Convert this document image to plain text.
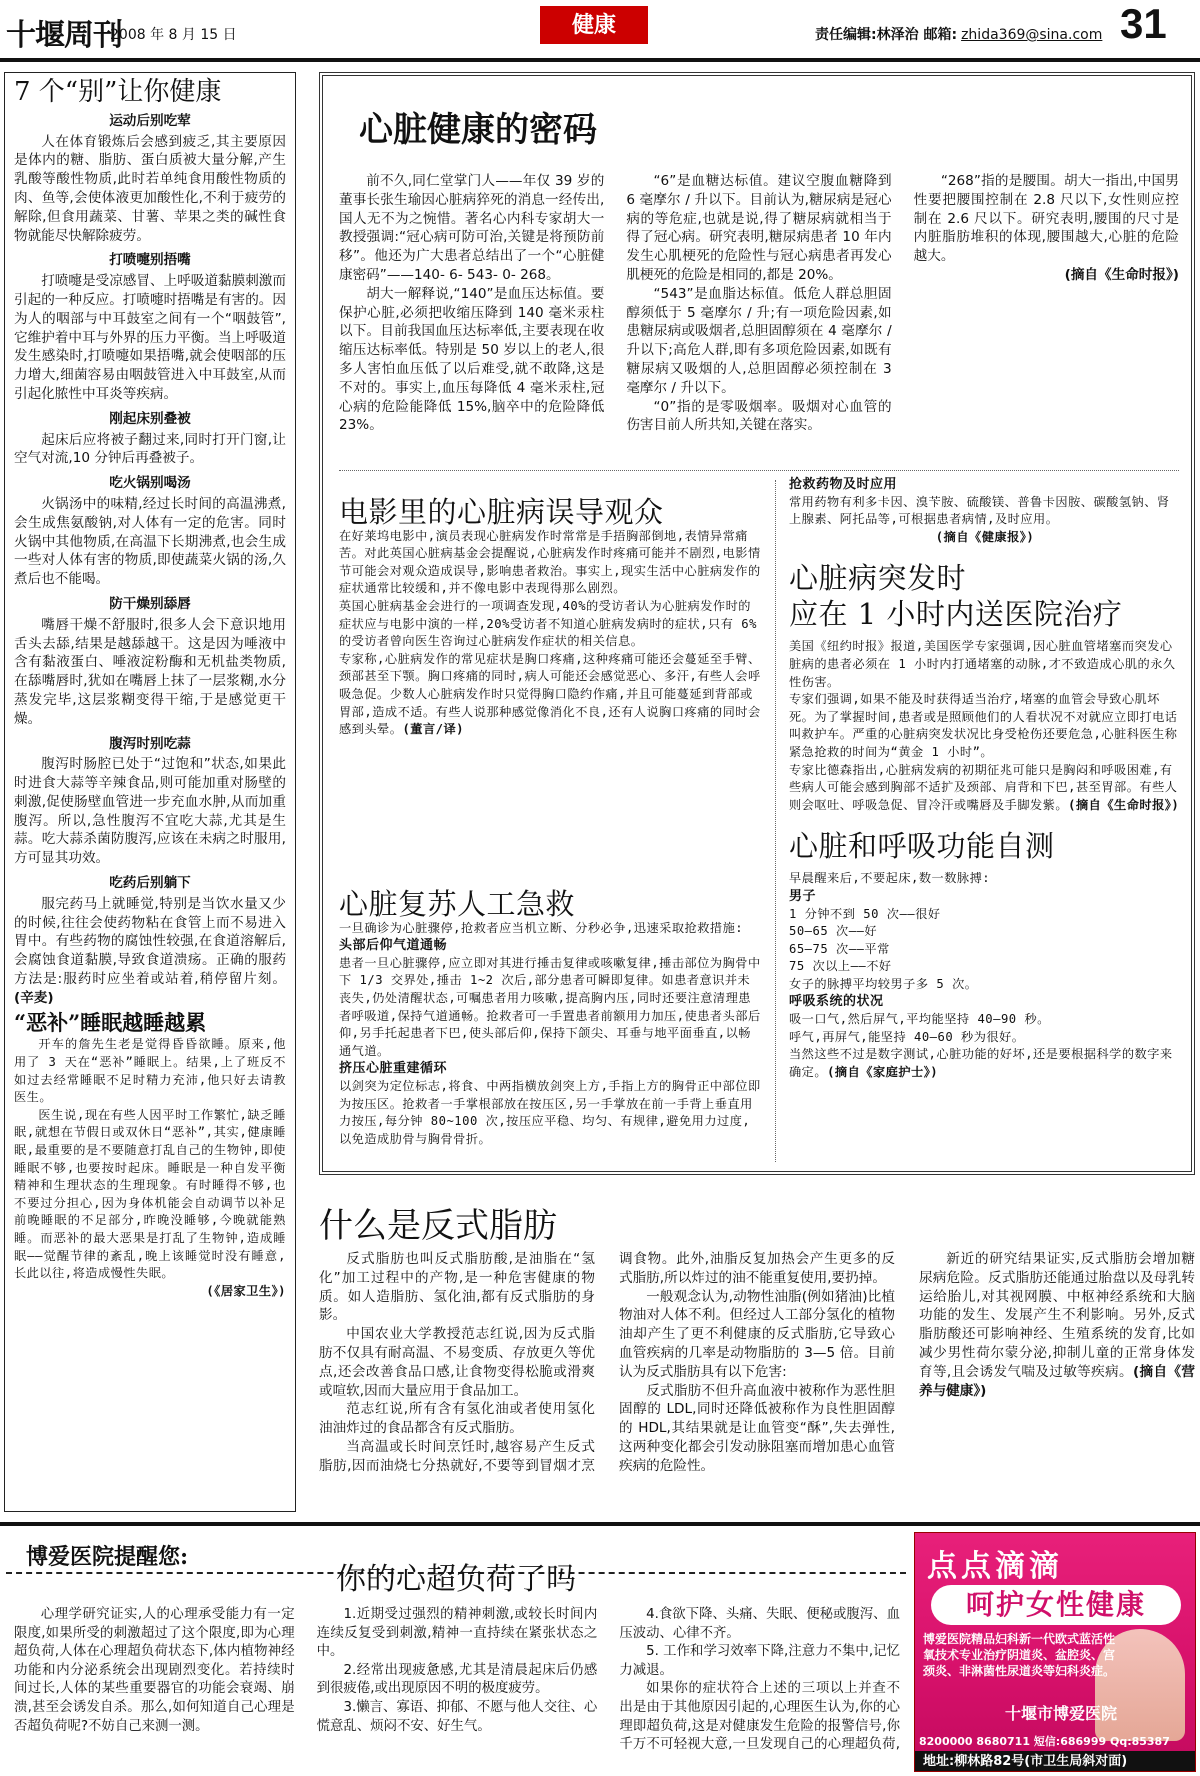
十堰周刊
2008 年 8 月 15 日	健康	责任编辑:林泽治 邮箱: zhida369@sina.com 31
7 个“别”让你健康
运动后别吃荤

人在体育锻炼后会感到疲乏,其主要原因是体内的糖、脂肪、蛋白质被大量分解,产生乳酸等酸性物质,此时若单纯食用酸性物质的肉、鱼等,会使体液更加酸性化,不利于疲劳的解除,但食用蔬菜、甘薯、苹果之类的碱性食物就能尽快解除疲劳。

打喷嚏别捂嘴

打喷嚏是受凉感冒、上呼吸道黏膜刺激而引起的一种反应。打喷嚏时捂嘴是有害的。因为人的咽部与中耳鼓室之间有一个“咽鼓管”,它维护着中耳与外界的压力平衡。当上呼吸道发生感染时,打喷嚏如果捂嘴,就会使咽部的压力增大,细菌容易由咽鼓管进入中耳鼓室,从而引起化脓性中耳炎等疾病。

刚起床别叠被

起床后应将被子翻过来,同时打开门窗,让空气对流,10 分钟后再叠被子。

吃火锅别喝汤

火锅汤中的味精,经过长时间的高温沸煮,会生成焦氨酸钠,对人体有一定的危害。同时火锅中其他物质,在高温下长期沸煮,也会生成一些对人体有害的物质,即使蔬菜火锅的汤,久煮后也不能喝。

防干燥别舔唇

嘴唇干燥不舒服时,很多人会下意识地用舌头去舔,结果是越舔越干。这是因为唾液中含有黏液蛋白、唾液淀粉酶和无机盐类物质,在舔嘴唇时,犹如在嘴唇上抹了一层浆糊,水分蒸发完毕,这层浆糊变得干缩,于是感觉更干燥。

腹泻时别吃蒜

腹泻时肠腔已处于“过饱和”状态,如果此时进食大蒜等辛辣食品,则可能加重对肠壁的刺激,促使肠壁血管进一步充血水肿,从而加重腹泻。所以,急性腹泻不宜吃大蒜,尤其是生蒜。吃大蒜杀菌防腹泻,应该在未病之时服用,方可显其功效。

吃药后别躺下

服完药马上就睡觉,特别是当饮水量又少的时候,往往会使药物粘在食管上而不易进入胃中。有些药物的腐蚀性较强,在食道溶解后,会腐蚀食道黏膜,导致食道溃疡。正确的服药方法是:服药时应坐着或站着,稍停留片刻。(辛麦)

“恶补”睡眠越睡越累

开车的詹先生老是觉得昏昏欲睡。原来,他用了 3 天在“恶补”睡眠上。结果,上了班反不如过去经常睡眠不足时精力充沛,他只好去请教医生。

医生说,现在有些人因平时工作繁忙,缺乏睡眠,就想在节假日或双休日“恶补”,其实,健康睡眠,最重要的是不要随意打乱自己的生物钟,即使睡眠不够,也要按时起床。睡眠是一种自发平衡精神和生理状态的生理现象。有时睡得不够,也不要过分担心,因为身体机能会自动调节以补足前晚睡眠的不足部分,昨晚没睡够,今晚就能熟睡。而恶补的最大恶果是打乱了生物钟,造成睡眠——觉醒节律的紊乱,晚上该睡觉时没有睡意,长此以往,将造成慢性失眠。

(《居家卫生》)
心脏健康的密码

前不久,同仁堂掌门人——年仅 39 岁的董事长张生瑜因心脏病猝死的消息一经传出,国人无不为之惋惜。著名心内科专家胡大一教授强调:“冠心病可防可治,关键是将预防前移”。他还为广大患者总结出了一个“心脏健康密码”——140- 6- 543- 0- 268。

胡大一解释说,“140”是血压达标值。要保护心脏,必须把收缩压降到 140 毫米汞柱以下。目前我国血压达标率低,主要表现在收缩压达标率低。特别是 50 岁以上的老人,很多人害怕血压低了以后难受,就不敢降,这是不对的。事实上,血压每降低 4 毫米汞柱,冠心病的危险能降低 15%,脑卒中的危险降低 23%。

“6”是血糖达标值。建议空腹血糖降到 6 毫摩尔 / 升以下。目前认为,糖尿病是冠心病的等危症,也就是说,得了糖尿病就相当于得了冠心病。研究表明,糖尿病患者 10 年内发生心肌梗死的危险性与冠心病患者再发心肌梗死的危险是相同的,都是 20%。

“543”是血脂达标值。低危人群总胆固醇须低于 5 毫摩尔 / 升;有一项危险因素,如患糖尿病或吸烟者,总胆固醇须在 4 毫摩尔 / 升以下;高危人群,即有多项危险因素,如既有糖尿病又吸烟的人,总胆固醇必须控制在 3 毫摩尔 / 升以下。

“0”指的是零吸烟率。吸烟对心血管的伤害目前人所共知,关键在落实。

“268”指的是腰围。胡大一指出,中国男性要把腰围控制在 2.8 尺以下,女性则应控制在 2.6 尺以下。研究表明,腰围的尺寸是内脏脂肪堆积的体现,腰围越大,心脏的危险越大。

(摘自《生命时报》)
电影里的心脏病误导观众

在好莱坞电影中,演员表现心脏病发作时常常是手捂胸部倒地,表情异常痛苦。对此英国心脏病基金会提醒说,心脏病发作时疼痛可能并不剧烈,电影情节可能会对观众造成误导,影响患者救治。事实上,现实生活中心脏病发作的症状通常比较缓和,并不像电影中表现得那么剧烈。

英国心脏病基金会进行的一项调查发现,40%的受访者认为心脏病发作时的症状应与电影中演的一样,20%受访者不知道心脏病发病时的症状,只有 6%的受访者曾向医生咨询过心脏病发作症状的相关信息。

专家称,心脏病发作的常见症状是胸口疼痛,这种疼痛可能还会蔓延至手臂、颈部甚至下颚。胸口疼痛的同时,病人可能还会感觉恶心、多汗,有些人会呼吸急促。少数人心脏病发作时只觉得胸口隐约作痛,并且可能蔓延到背部或胃部,造成不适。有些人说那种感觉像消化不良,还有人说胸口疼痛的同时会感到头晕。(董言/译)

心脏复苏人工急救

一旦确诊为心脏骤停,抢救者应当机立断、分秒必争,迅速采取抢救措施:

头部后仰气道通畅

患者一旦心脏骤停,应立即对其进行捶击复律或咳嗽复律,捶击部位为胸骨中下 1/3 交界处,捶击 1~2 次后,部分患者可瞬即复律。如患者意识并未丧失,仍处清醒状态,可嘱患者用力咳嗽,提高胸内压,同时还要注意清理患者呼吸道,保持气道通畅。抢救者可一手置患者前额用力加压,使患者头部后仰,另手托起患者下巴,使头部后仰,保持下颌尖、耳垂与地平面垂直,以畅通气道。

挤压心脏重建循环

以剑突为定位标志,将食、中两指横放剑突上方,手指上方的胸骨正中部位即为按压区。抢救者一手掌根部放在按压区,另一手掌放在前一手背上垂直用力按压,每分钟 80~100 次,按压应平稳、均匀、有规律,避免用力过度,以免造成肋骨与胸骨骨折。

抢救药物及时应用

常用药物有利多卡因、溴苄胺、硫酸镁、普鲁卡因胺、碳酸氢钠、肾上腺素、阿托品等,可根据患者病情,及时应用。

(摘自《健康报》)
心脏病突发时
应在 1 小时内送医院治疗

美国《纽约时报》报道,美国医学专家强调,因心脏血管堵塞而突发心脏病的患者必须在 1 小时内打通堵塞的动脉,才不致造成心肌的永久性伤害。

专家们强调,如果不能及时获得适当治疗,堵塞的血管会导致心肌坏死。为了掌握时间,患者或是照顾他们的人看状况不对就应立即打电话叫救护车。严重的心脏病突发状况比身受枪伤还要危急,心脏科医生称紧急抢救的时间为“黄金 1 小时”。

专家比德森指出,心脏病发病的初期征兆可能只是胸闷和呼吸困难,有些病人可能会感到胸部不适扩及颈部、肩背和下巴,甚至胃部。有些人则会呕吐、呼吸急促、冒冷汗或嘴唇及手脚发紫。(摘自《生命时报》)

心脏和呼吸功能自测

早晨醒来后,不要起床,数一数脉搏:

男子
1 分钟不到 50 次——很好
50—65 次——好
65—75 次——平常
75 次以上——不好
女子的脉搏平均较男子多 5 次。
呼吸系统的状况

吸一口气,然后屏气,平均能坚持 40—90 秒。

呼气,再屏气,能坚持 40—60 秒为很好。

当然这些不过是数字测试,心脏功能的好坏,还是要根据科学的数字来确定。(摘自《家庭护士》)

什么是反式脂肪

反式脂肪也叫反式脂肪酸,是油脂在“氢化”加工过程中的产物,是一种危害健康的物质。如人造脂肪、氢化油,都有反式脂肪的身影。

中国农业大学教授范志红说,因为反式脂肪不仅具有耐高温、不易变质、存放更久等优点,还会改善食品口感,让食物变得松脆或滑爽或喧软,因而大量应用于食品加工。

范志红说,所有含有氢化油或者使用氢化油油炸过的食品都含有反式脂肪。

当高温或长时间烹饪时,越容易产生反式脂肪,因而油烧七分热就好,不要等到冒烟才烹调食物。此外,油脂反复加热会产生更多的反式脂肪,所以炸过的油不能重复使用,要扔掉。

一般观念认为,动物性油脂(例如猪油)比植物油对人体不利。但经过人工部分氢化的植物油却产生了更不利健康的反式脂肪,它导致心血管疾病的几率是动物脂肪的 3—5 倍。目前认为反式脂肪具有以下危害:

反式脂肪不但升高血液中被称作为恶性胆固醇的 LDL,同时还降低被称作为良性胆固醇的 HDL,其结果就是让血管变“酥”,失去弹性,这两种变化都会引发动脉阻塞而增加患心血管疾病的危险性。

新近的研究结果证实,反式脂肪会增加糖尿病危险。反式脂肪还能通过胎盘以及母乳转运给胎儿,对其视网膜、中枢神经系统和大脑功能的发生、发展产生不利影响。另外,反式脂肪酸还可影响神经、生殖系统的发育,比如减少男性荷尔蒙分泌,抑制儿童的正常身体发育等,且会诱发气喘及过敏等疾病。(摘自《营养与健康》)

博爱医院提醒您:
你的心超负荷了吗

心理学研究证实,人的心理承受能力有一定限度,如果所受的刺激超过了这个限度,即为心理超负荷,人体在心理超负荷状态下,体内植物神经功能和内分泌系统会出现剧烈变化。若持续时间过长,人体的某些重要器官的功能会衰竭、崩溃,甚至会诱发自杀。那么,如何知道自己心理是否超负荷呢?不妨自己来测一测。

1.近期受过强烈的精神刺激,或较长时间内连续反复受到刺激,精神一直持续在紧张状态之中。

2.经常出现疲惫感,尤其是清晨起床后仍感到很疲倦,或出现原因不明的极度疲劳。

3.懒言、寡语、抑郁、不愿与他人交往、心慌意乱、烦闷不安、好生气。

4.食欲下降、头痛、失眠、便秘或腹泻、血压波动、心律不齐。

5. 工作和学习效率下降,注意力不集中,记忆力减退。

如果你的症状符合上述的三项以上并查不出是由于其他原因引起的,心理医生认为,你的心理即超负荷,这是对健康发生危险的报警信号,你千万不可轻视大意,一旦发现自己的心理超负荷,

点点滴滴
呵护女性健康
博爱医院精品妇科新一代欧式蓝活性氧技术专业治疗阴道炎、盆腔炎、宫颈炎、非淋菌性尿道炎等妇科炎症。
十堰市博爱医院
8200000 8680711 短信:686999 Qq:85387
地址:柳林路82号(市卫生局斜对面)
